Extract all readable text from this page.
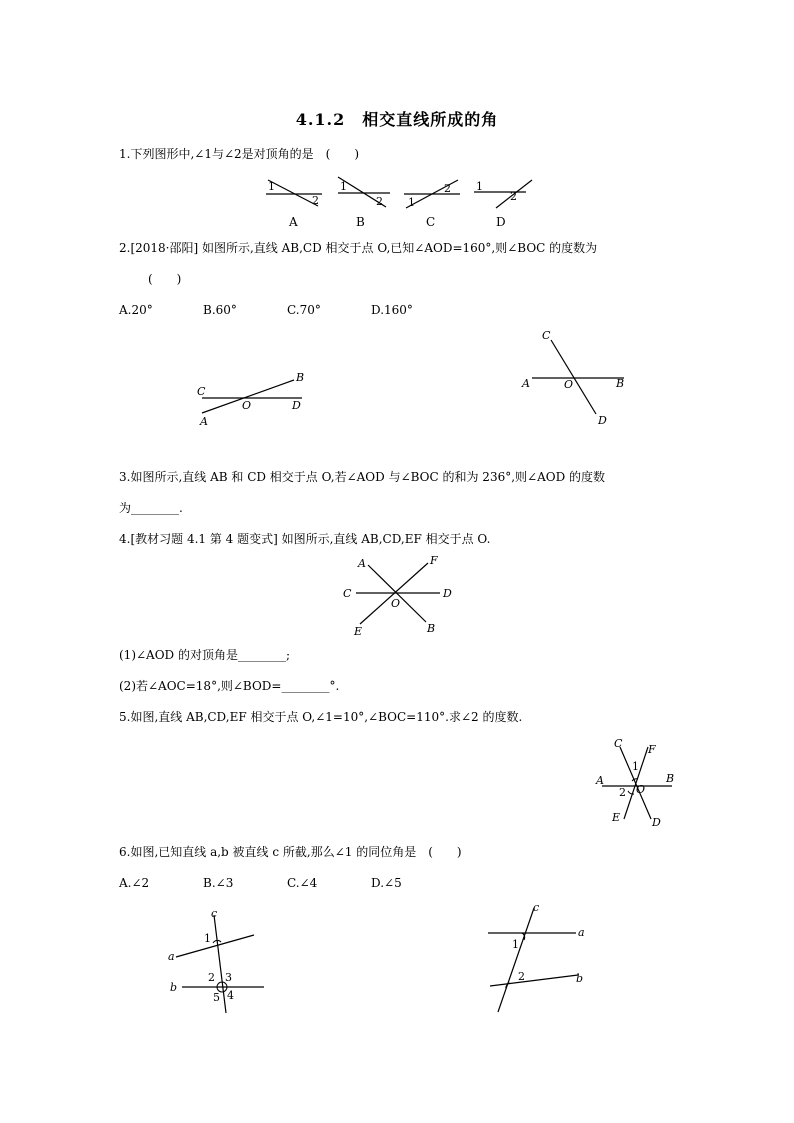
4.1.2　相交直线所成的角
1.下列图形中,∠1与∠2是对顶角的是　(　　)
1
2
1
2 1
2 1
2
A	B	C	D
2.[2018·邵阳] 如图所示,直线 AB,CD 相交于点 O,已知∠AOD=160°,则∠BOC 的度数为
(　　)
A.20°	B.60°	C.70°	D.160°
C
B
O	D
A
C
A	O	B
D
3.如图所示,直线 AB 和 CD 相交于点 O,若∠AOD 与∠BOC 的和为 236°,则∠AOD 的度数
为________.
4.[教材习题 4.1 第 4 题变式] 如图所示,直线 AB,CD,EF 相交于点 O.
A	F
C	D
O
E	B
(1)∠AOD 的对顶角是________;
(2)若∠AOC=18°,则∠BOD=________°.
5.如图,直线 AB,CD,EF 相交于点 O,∠1=10°,∠BOC=110°.求∠2 的度数.
C F
1
A	B
2 O
E	D
6.如图,已知直线 a,b 被直线 c 所截,那么∠1 的同位角是　(　　)
A.∠2	B.∠3	C.∠4	D.∠5
c
1
a
2 3
b
5 4
c
1
a
2	b
